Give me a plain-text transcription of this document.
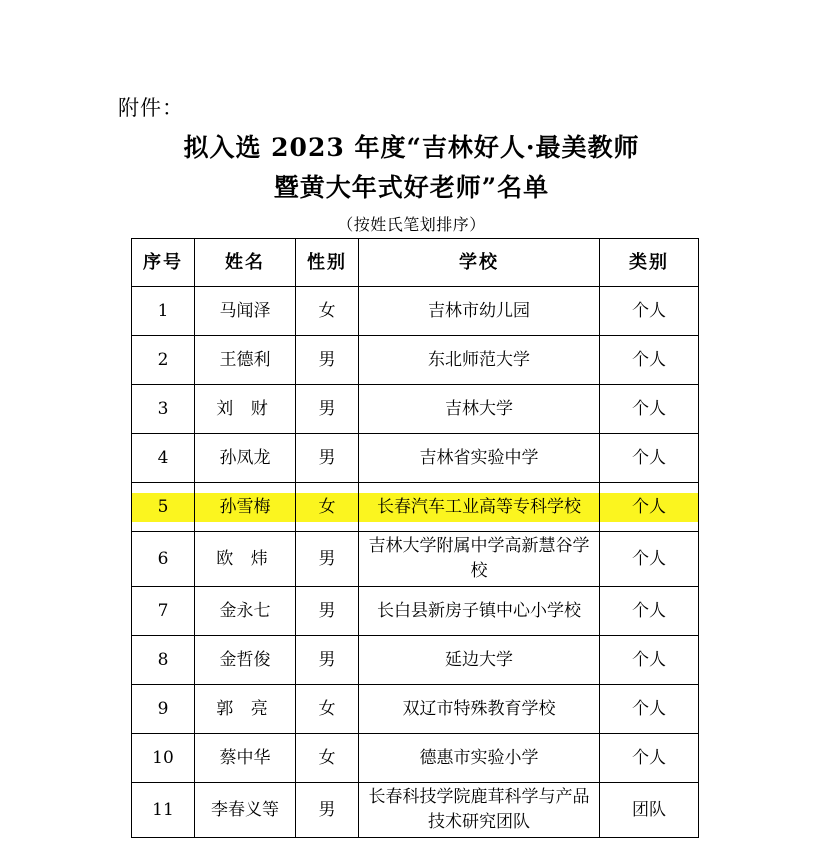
附件：
拟入选 2023 年度“吉林好人·最美教师
暨黄大年式好老师”名单
（按姓氏笔划排序）
序号	姓名	性别	学校	类别

1	马闻泽	女	吉林市幼儿园	个人

2	王德利	男	东北师范大学	个人

3	刘 财	男	吉林大学	个人

4	孙凤龙	男	吉林省实验中学	个人

5	孙雪梅	女	长春汽车工业高等专科学校	个人

6	欧 炜	男	吉林大学附属中学高新慧谷学校	个人

7	金永七	男	长白县新房子镇中心小学校	个人

8	金哲俊	男	延边大学	个人

9	郭 亮	女	双辽市特殊教育学校	个人

10	蔡中华	女	德惠市实验小学	个人

11	李春义等	男	长春科技学院鹿茸科学与产品技术研究团队	团队
